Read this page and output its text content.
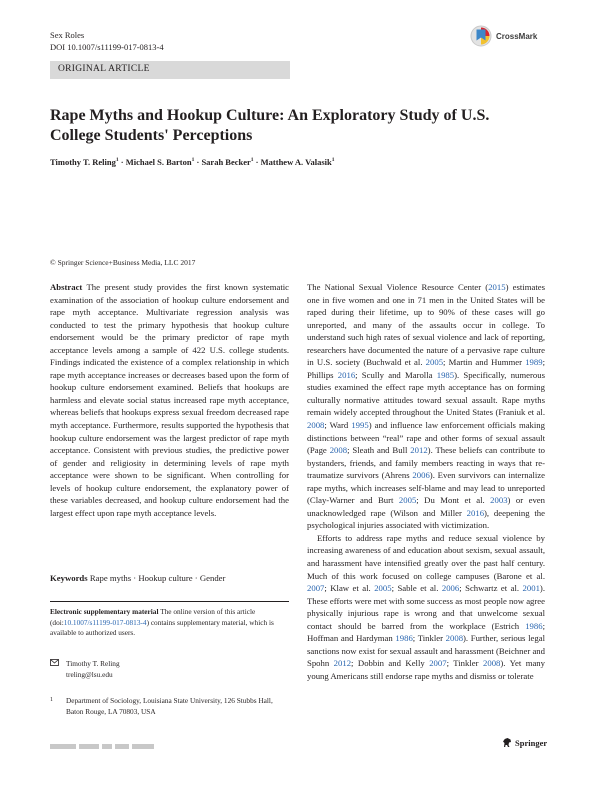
Sex Roles
DOI 10.1007/s11199-017-0813-4
CrossMark
ORIGINAL ARTICLE
Rape Myths and Hookup Culture: An Exploratory Study of U.S.
College Students' Perceptions
Timothy T. Reling$^1$ · Michael S. Barton$^1$ · Sarah Becker$^1$ · Matthew A. Valasik$^1$
© Springer Science+Business Media, LLC 2017

Abstract The present study provides the first known systematic examination of the association of hookup culture endorsement and rape myth acceptance. Multivariate regression analysis was conducted to test the primary hypothesis that hookup culture endorsement would be the primary predictor of rape myth acceptance levels among a sample of 422 U.S. college students. Findings indicated the existence of a complex relationship in which rape myth acceptance increases or decreases based upon the form of hookup culture endorsement examined. Beliefs that hookups are harmless and elevate social status increased rape myth acceptance, whereas beliefs that hookups express sexual freedom decreased rape myth acceptance. Furthermore, results supported the hypothesis that hookup culture endorsement was the largest predictor of rape myth acceptance. Consistent with previous studies, the predictive power of gender and religiosity in determining levels of rape myth acceptance were shown to be significant. When controlling for levels of hookup culture endorsement, the explanatory power of these variables decreased, and hookup culture endorsement had the largest effect upon rape myth acceptance levels.

Keywords Rape myths · Hookup culture · Gender
Electronic supplementary material The online version of this article (doi:10.1007/s11199-017-0813-4) contains supplementary material, which is available to authorized users.
Timothy T. Reling
treling@lsu.edu
$^1$	Department of Sociology, Louisiana State University, 126 Stubbs Hall, Baton Rouge, LA 70803, USA

The National Sexual Violence Resource Center (2015) estimates one in five women and one in 71 men in the United States will be raped during their lifetime, up to 90% of these cases will go unreported, and many of the assaults occur in college. To understand such high rates of sexual violence and lack of reporting, researchers have documented the nature of a pervasive rape culture in U.S. society (Buchwald et al. 2005; Martin and Hummer 1989; Phillips 2016; Scully and Marolla 1985). Specifically, numerous studies examined the effect rape myth acceptance has on forming culturally normative attitudes toward sexual assault. Rape myths remain widely accepted throughout the United States (Franiuk et al. 2008; Ward 1995) and influence law enforcement officials making distinctions between “real” rape and other forms of sexual assault (Page 2008; Sleath and Bull 2012). These beliefs can contribute to bystanders, friends, and family members reacting in ways that re-traumatize survivors (Ahrens 2006). Even survivors can internalize rape myths, which increases self-blame and may lead to unreported (Clay-Warner and Burt 2005; Du Mont et al. 2003) or even unacknowledged rape (Wilson and Miller 2016), deepening the psychological injuries associated with victimization.

Efforts to address rape myths and reduce sexual violence by increasing awareness of and education about sexism, sexual assault, and harassment have intensified greatly over the past half century. Much of this work focused on college campuses (Barone et al. 2007; Klaw et al. 2005; Sable et al. 2006; Schwartz et al. 2001). These efforts were met with some success as most people now agree physically injurious rape is wrong and that unwelcome sexual contact should be barred from the workplace (Estrich 1986; Hoffman and Hardyman 1986; Tinkler 2008). Further, serious legal sanctions now exist for sexual assault and harassment (Beichner and Spohn 2012; Dobbin and Kelly 2007; Tinkler 2008). Yet many young Americans still endorse rape myths and dismiss or tolerate

Springer
